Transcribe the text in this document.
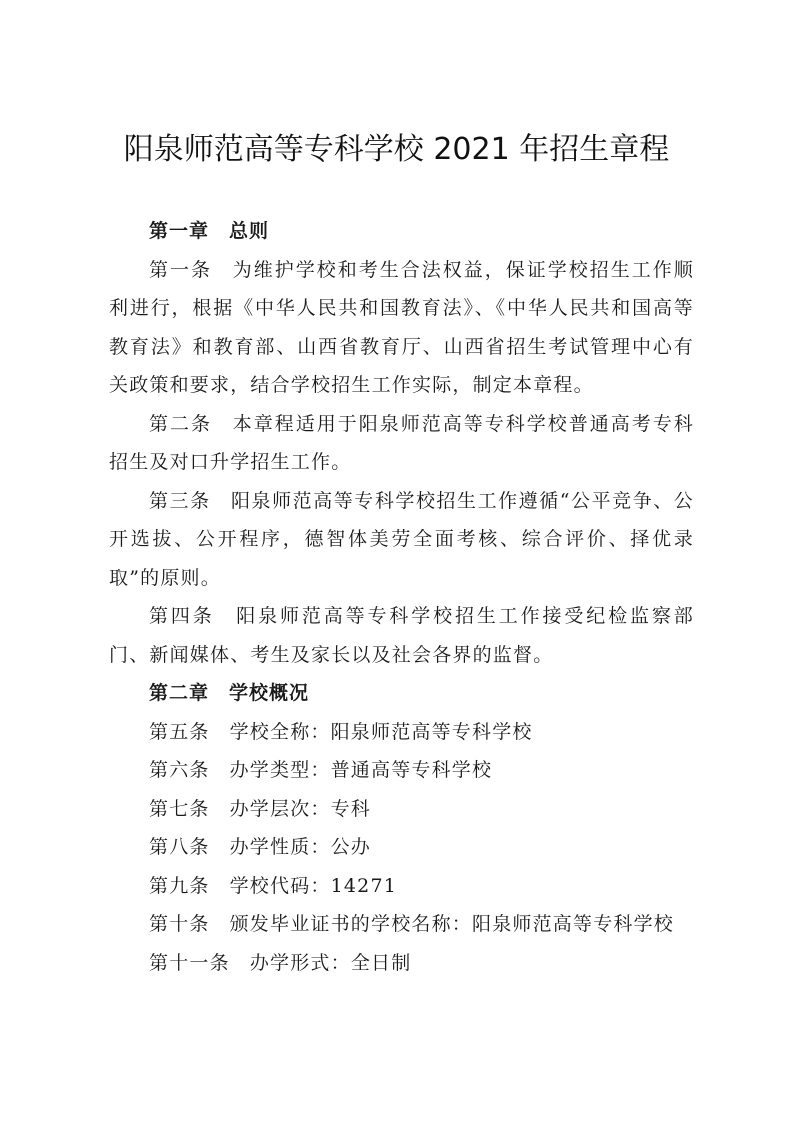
阳泉师范高等专科学校 2021 年招生章程

第一章 总则

第一条 为维护学校和考生合法权益，保证学校招生工作顺利进行，根据《中华人民共和国教育法》、《中华人民共和国高等教育法》和教育部、山西省教育厅、山西省招生考试管理中心有关政策和要求，结合学校招生工作实际，制定本章程。

第二条 本章程适用于阳泉师范高等专科学校普通高考专科招生及对口升学招生工作。

第三条 阳泉师范高等专科学校招生工作遵循“公平竞争、公开选拔、公开程序，德智体美劳全面考核、综合评价、择优录取”的原则。

第四条 阳泉师范高等专科学校招生工作接受纪检监察部门、新闻媒体、考生及家长以及社会各界的监督。

第二章 学校概况

第五条 学校全称：阳泉师范高等专科学校

第六条 办学类型：普通高等专科学校

第七条 办学层次：专科

第八条 办学性质：公办

第九条 学校代码：14271

第十条 颁发毕业证书的学校名称：阳泉师范高等专科学校

第十一条 办学形式：全日制
